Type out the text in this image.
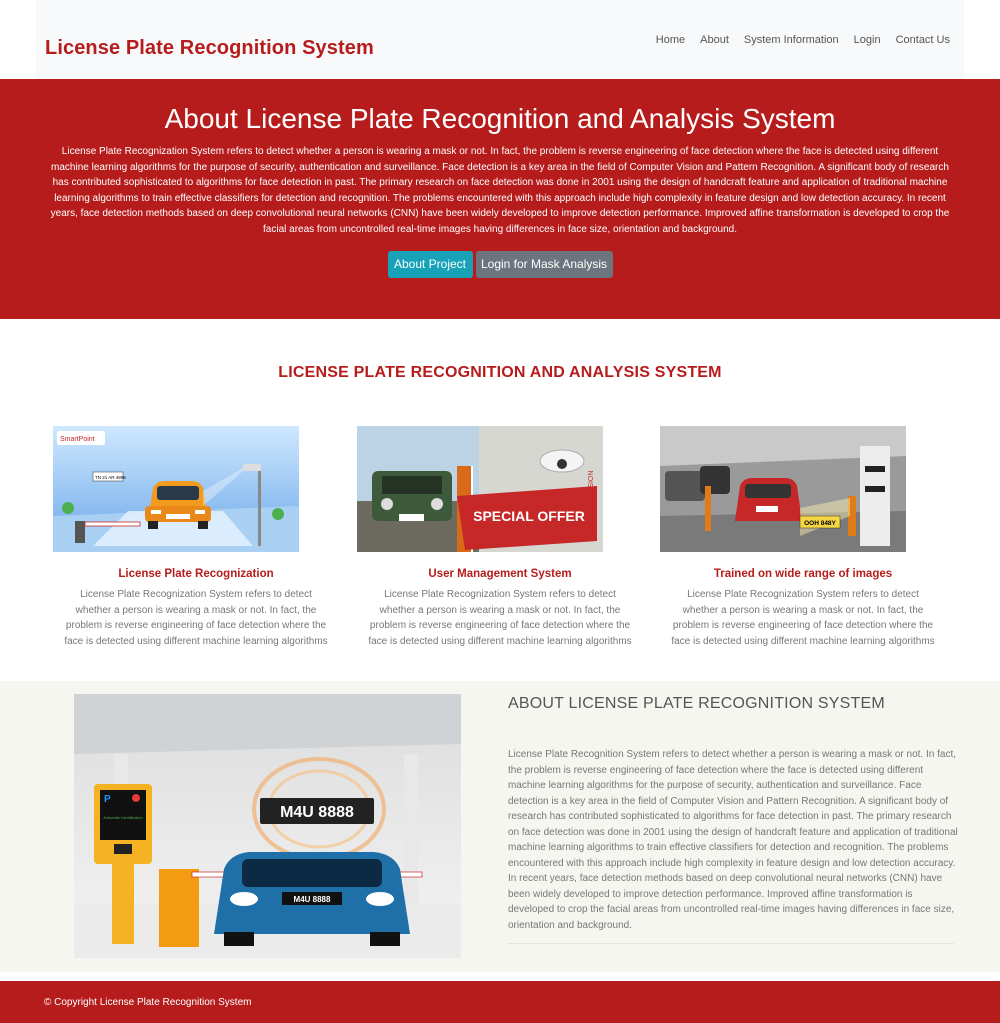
License Plate Recognition System	Home About System Information Login Contact Us
About License Plate Recognition and Analysis System

License Plate Recognization System refers to detect whether a person is wearing a mask or not. In fact, the problem is reverse engineering of face detection where the face is detected using different machine learning algorithms for the purpose of security, authentication and surveillance. Face detection is a key area in the field of Computer Vision and Pattern Recognition. A significant body of research has contributed sophisticated to algorithms for face detection in past. The primary research on face detection was done in 2001 using the design of handcraft feature and application of traditional machine learning algorithms to train effective classifiers for detection and recognition. The problems encountered with this approach include high complexity in feature design and low detection accuracy. In recent years, face detection methods based on deep convolutional neural networks (CNN) have been widely developed to improve detection performance. Improved affine transformation is developed to crop the facial areas from uncontrolled real-time images having differences in face size, orientation and background.

About Project	Login for Mask Analysis
LICENSE PLATE RECOGNITION AND ANALYSIS SYSTEM
SmartPoint
TN 21 AR 4896
License Plate Recognization

License Plate Recognization System refers to detect whether a person is wearing a mask or not. In fact, the problem is reverse engineering of face detection where the face is detected using different machine learning algorithms

SPECIAL OFFER
User Management System

License Plate Recognization System refers to detect whether a person is wearing a mask or not. In fact, the problem is reverse engineering of face detection where the face is detected using different machine learning algorithms

OOH 848Y
Trained on wide range of images

License Plate Recognization System refers to detect whether a person is wearing a mask or not. In fact, the problem is reverse engineering of face detection where the face is detected using different machine learning algorithms

M4U 8888
P
Automatic Identification
M4U 8888
ABOUT LICENSE PLATE RECOGNITION SYSTEM

License Plate Recognition System refers to detect whether a person is wearing a mask or not. In fact, the problem is reverse engineering of face detection where the face is detected using different machine learning algorithms for the purpose of security, authentication and surveillance. Face detection is a key area in the field of Computer Vision and Pattern Recognition. A significant body of research has contributed sophisticated to algorithms for face detection in past. The primary research on face detection was done in 2001 using the design of handcraft feature and application of traditional machine learning algorithms to train effective classifiers for detection and recognition. The problems encountered with this approach include high complexity in feature design and low detection accuracy. In recent years, face detection methods based on deep convolutional neural networks (CNN) have been widely developed to improve detection performance. Improved affine transformation is developed to crop the facial areas from uncontrolled real-time images having differences in face size, orientation and background.

© Copyright License Plate Recognition System
